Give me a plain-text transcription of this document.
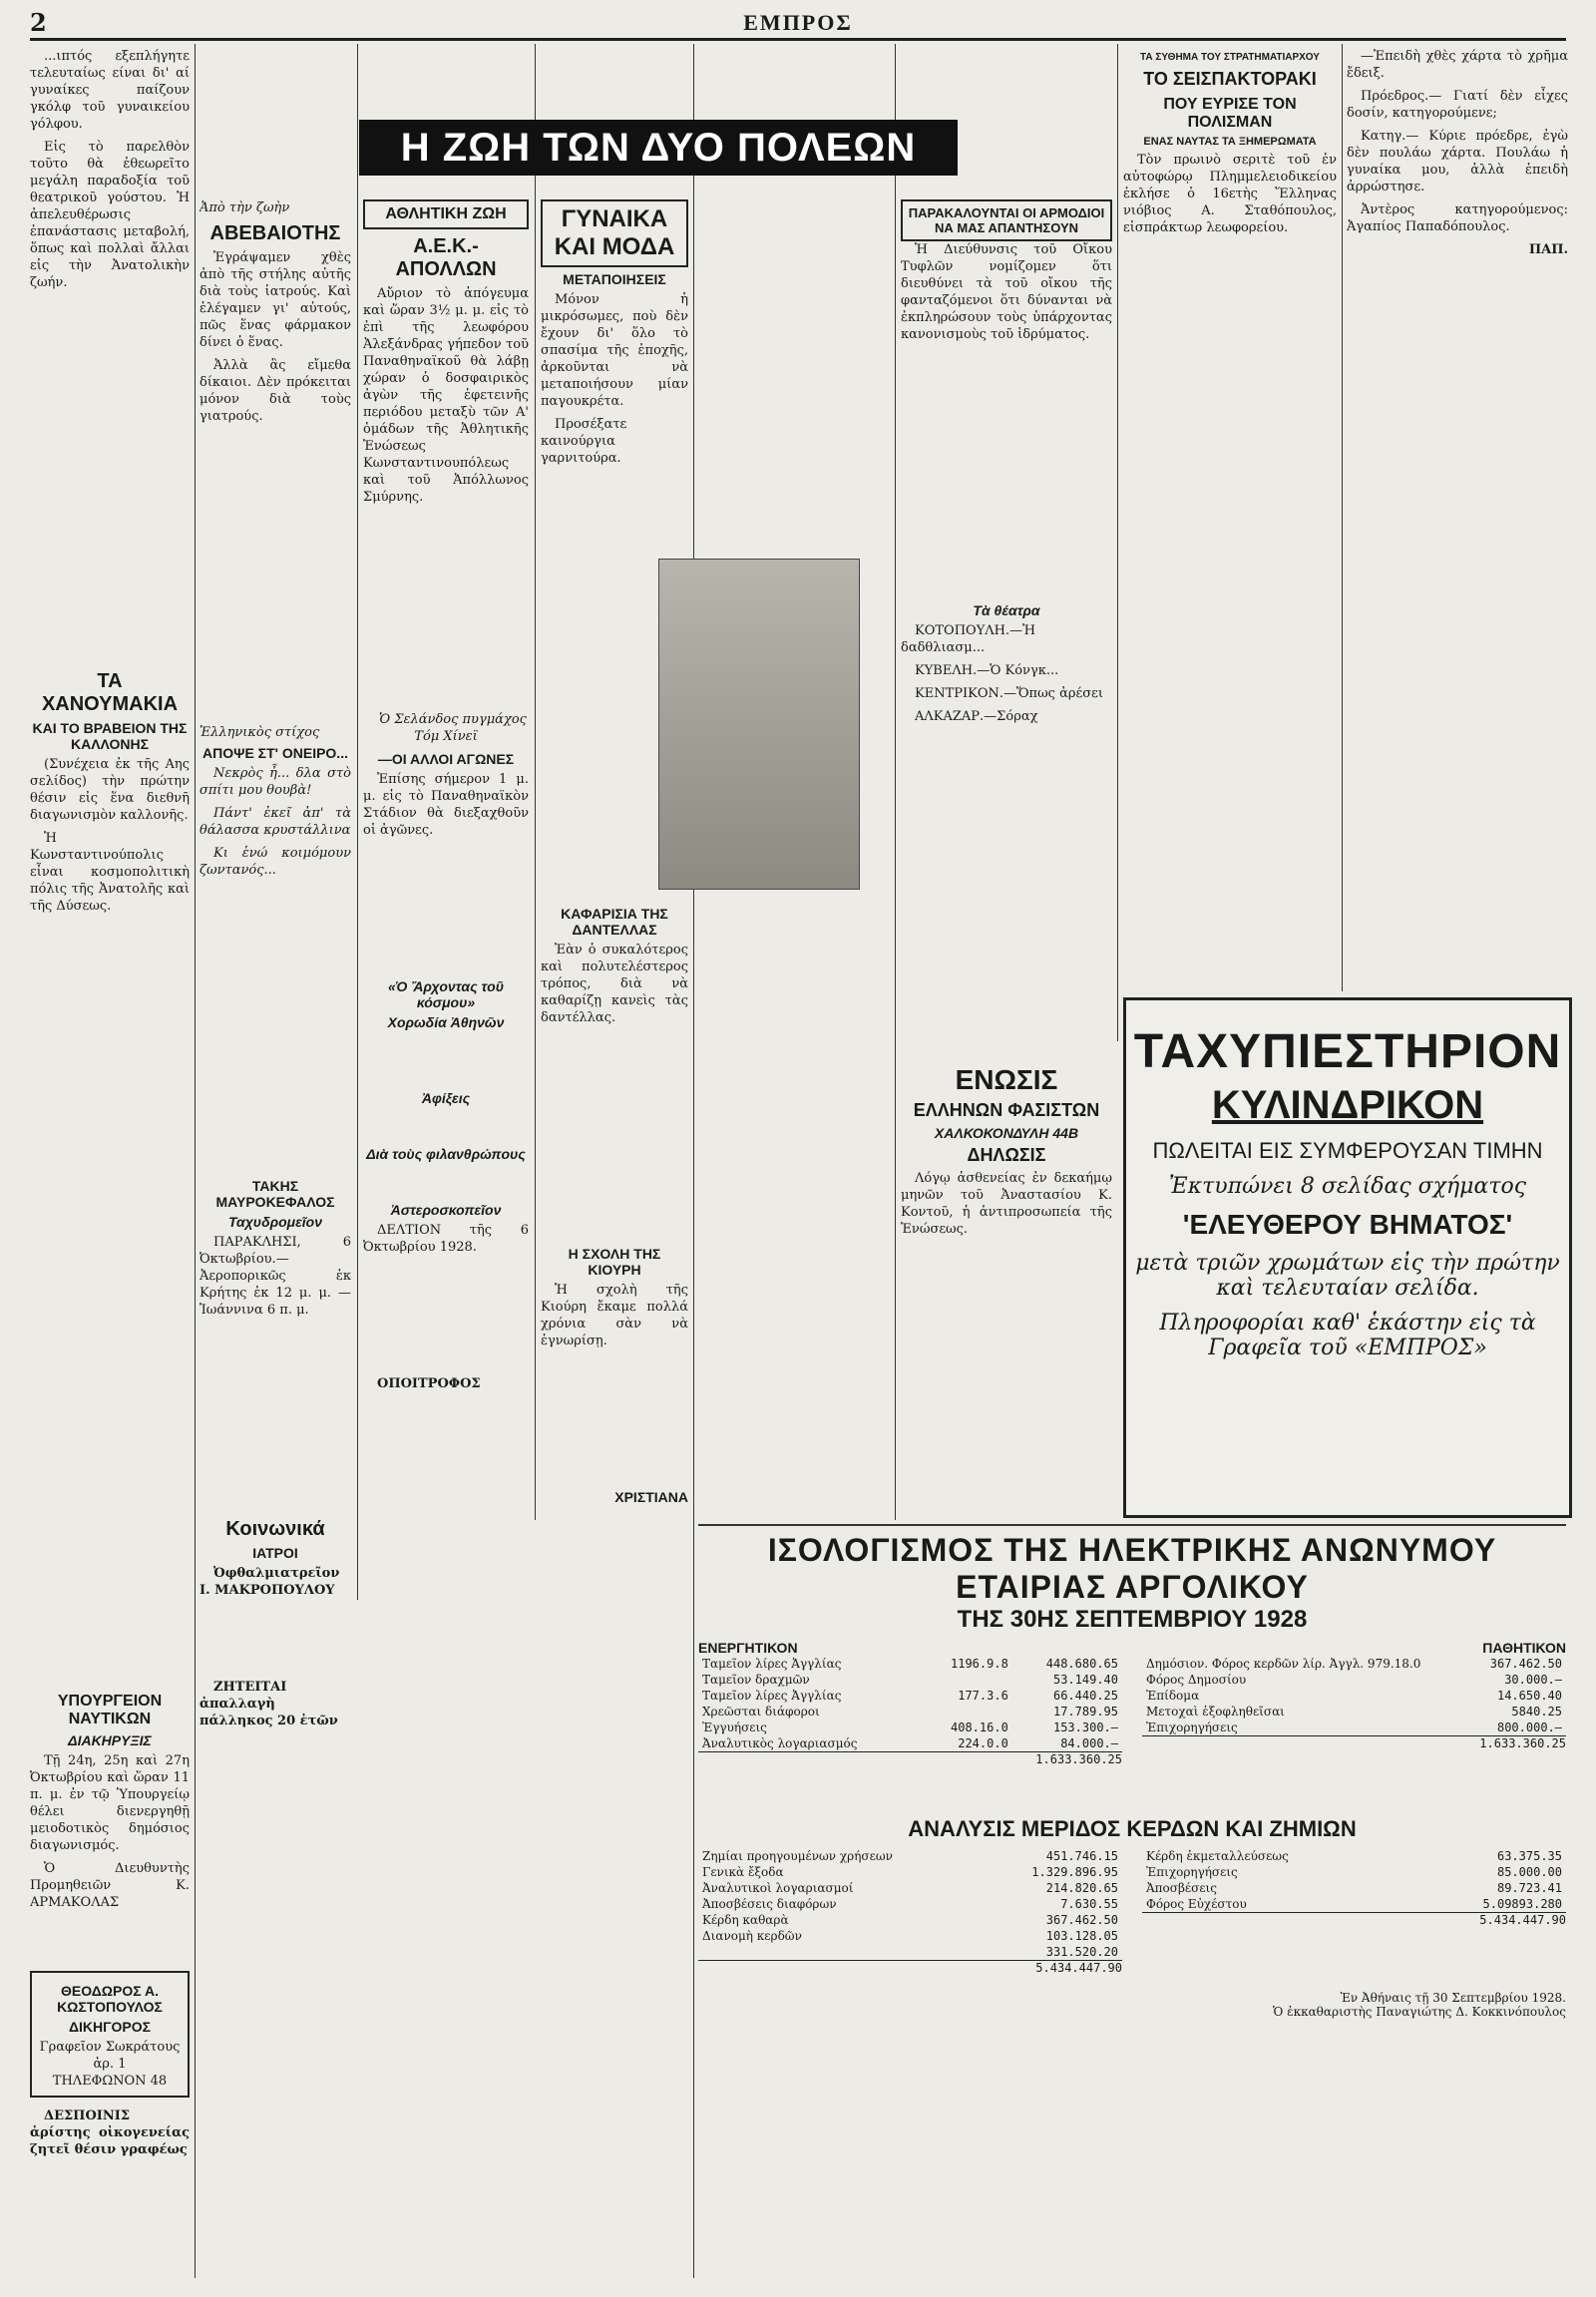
2	ΕΜΠΡΟΣ
Η ΖΩΗ ΤΩΝ ΔΥΟ ΠΟΛΕΩΝ

...ιπτός εξεπλήγητε τελευταίως είναι δι' αί γυναίκες παίζουν γκόλφ τοῦ γυναικείου γόλφου.

Εἰς τὸ παρελθὸν τοῦτο θὰ ἐθεωρεῖτο μεγάλη παραδοξία τοῦ θεατρικοῦ γούστου. Ἡ ἀπελευθέρωσις ἐπανάστασις μεταβολή, ὅπως καὶ πολλαὶ ἄλλαι εἰς τὴν Ἀνατολικὴν ζωήν.

ΤΑ ΧΑΝΟΥΜΑΚΙΑ
ΚΑΙ ΤΟ ΒΡΑΒΕΙΟΝ ΤΗΣ ΚΑΛΛΟΝΗΣ

(Συνέχεια ἐκ τῆς Αης σελίδος) τὴν πρώτην θέσιν εἰς ἕνα διεθνῆ διαγωνισμὸν καλλονῆς.

Ἡ Κωνσταντινούπολις εἶναι κοσμοπολιτικὴ πόλις τῆς Ἀνατολῆς καὶ τῆς Δύσεως.

ΥΠΟΥΡΓΕΙΟΝ ΝΑΥΤΙΚΩΝ
ΔΙΑΚΗΡΥΞΙΣ

Τῇ 24η, 25η καὶ 27η Ὀκτωβρίου καὶ ὥραν 11 π. μ. ἐν τῷ Ὑπουργείῳ θέλει διενεργηθῇ μειοδοτικὸς δημόσιος διαγωνισμός.

Ὁ Διευθυντὴς Προμηθειῶν Κ. ΑΡΜΑΚΟΛΑΣ

ΘΕΟΔΩΡΟΣ Α. ΚΩΣΤΟΠΟΥΛΟΣ
ΔΙΚΗΓΟΡΟΣ
Γραφεῖον Σωκράτους ἀρ. 1
ΤΗΛΕΦΩΝΟΝ 48

ΔΕΣΠΟΙΝΙΣ ἀρίστης οἰκογενείας ζητεῖ θέσιν γραφέως

Ἀπὸ τὴν ζωὴν
ΑΒΕΒΑΙΟΤΗΣ

Ἐγράψαμεν χθὲς ἀπὸ τῆς στήλης αὐτῆς διὰ τοὺς ἰατρούς. Καὶ ἐλέγαμεν γι' αὐτούς, πῶς ἕνας φάρμακον δίνει ὁ ἕνας.

Ἀλλὰ ἂς εἴμεθα δίκαιοι. Δὲν πρόκειται μόνον διὰ τοὺς γιατρούς.

Ἐλληνικὸς στίχος
ΑΠΟΨΕ ΣΤ' ΟΝΕΙΡΟ...

Νεκρὸς ἦ... δλα στὸ σπίτι μου θουβὰ!

Πάντ' ἐκεῖ ἀπ' τὰ θάλασσα κρυστάλλινα

Κι ἑνώ κοιμόμουν ζωντανός...

ΤΑΚΗΣ ΜΑΥΡΟΚΕΦΑΛΟΣ
Ταχυδρομεῖον

ΠΑΡΑΚΛΗΣΙ, 6 Ὀκτωβρίου.— Ἀεροπορικῶς ἐκ Κρήτης ἐκ 12 μ. μ. — Ἰωάννινα 6 π. μ.

Κοινωνικά
ΙΑΤΡΟΙ

Ὀφθαλμιατρεῖον Ι. ΜΑΚΡΟΠΟΥΛΟΥ

ΖΗΤΕΙΤΑΙ ἀπαλλαγὴ πάλληκος 20 ἐτῶν

ΑΘΛΗΤΙΚΗ ΖΩΗ
Α.Ε.Κ.-ΑΠΟΛΛΩΝ

Αὔριον τὸ ἀπόγευμα καὶ ὥραν 3½ μ. μ. εἰς τὸ ἐπὶ τῆς λεωφόρου Ἀλεξάνδρας γήπεδον τοῦ Παναθηναϊκοῦ θὰ λάβῃ χώραν ὁ δοσφαιρικὸς ἀγὼν τῆς ἐφετεινῆς περιόδου μεταξὺ τῶν Α' ὁμάδων τῆς Ἀθλητικῆς Ἑνώσεως Κωνσταντινουπόλεως καὶ τοῦ Ἀπόλλωνος Σμύρνης.

Ὁ Σελάνδος πυγμάχος Τόμ Χίνεϊ

—ΟΙ ΑΛΛΟΙ ΑΓΩΝΕΣ

Ἐπίσης σήμερον 1 μ. μ. εἰς τὸ Παναθηναϊκὸν Στάδιον θὰ διεξαχθοῦν οἱ ἀγῶνες.

«Ὁ Ἄρχοντας τοῦ κόσμου»
Χορωδία Ἀθηνῶν
Ἀφίξεις
Διὰ τοὺς φιλανθρώπους
Ἀστεροσκοπεῖον

ΔΕΛΤΙΟΝ τῆς 6 Ὀκτωβρίου 1928.

ΟΠΟΙΤΡΟΦΟΣ

ΓΥΝΑΙΚΑ
ΚΑΙ ΜΟΔΑ
ΜΕΤΑΠΟΙΗΣΕΙΣ

Μόνον ἡ μικρόσωμες, ποὺ δὲν ἔχουν δι' ὅλο τὸ σπασίμα τῆς ἐποχῆς, ἀρκοῦνται νὰ μεταποιήσουν μίαν παγουκρέτα.

Προσέξατε καινούργια γαρνιτούρα.

ΚΑΦΑΡΙΣΙΑ ΤΗΣ ΔΑΝΤΕΛΛΑΣ

Ἐὰν ὁ συκαλότερος καὶ πολυτελέστερος τρόπος, διὰ νὰ καθαρίζῃ κανεὶς τὰς δαντέλλας.

Η ΣΧΟΛΗ ΤΗΣ ΚΙΟΥΡΗ

Ἡ σχολὴ τῆς Κιούρη ἔκαμε πολλά χρόνια σὰν νὰ ἐγνωρίσῃ.

ΧΡΙΣΤΙΑΝΑ
ΠΑΡΑΚΑΛΟΥΝΤΑΙ ΟΙ ΑΡΜΟΔΙΟΙ ΝΑ ΜΑΣ ΑΠΑΝΤΗΣΟΥΝ

Ἡ Διεύθυνσις τοῦ Οἴκου Τυφλῶν νομίζομεν ὅτι διευθύνει τὰ τοῦ οἴκου τῆς φανταζόμενοι ὅτι δύνανται νὰ ἐκπληρώσουν τοὺς ὑπάρχοντας κανονισμοὺς τοῦ ἱδρύματος.

Τὰ θέατρα

ΚΟΤΟΠΟΥΛΗ.—Ἡ δαδθλιασμ...

ΚΥΒΕΛΗ.—Ὁ Κόνγκ...

ΚΕΝΤΡΙΚΟΝ.—Ὅπως ἀρέσει

ΑΛΚΑΖΑΡ.—Σόραχ

ΕΝΩΣΙΣ
ΕΛΛΗΝΩΝ ΦΑΣΙΣΤΩΝ
ΧΑΛΚΟΚΟΝΔΥΛΗ 44Β
ΔΗΛΩΣΙΣ

Λόγῳ ἀσθενείας ἐν δεκαήμῳ μηνῶν τοῦ Ἀναστασίου Κ. Κοντοῦ, ἡ ἀντιπροσωπεία τῆς Ἑνώσεως.

ΤΑ ΣΥΘΗΜΑ ΤΟΥ ΣΤΡΑΤΗΜΑΤΙΑΡΧΟΥ
ΤΟ ΣΕΙΣΠΑΚΤΟΡΑΚΙ
ΠΟΥ ΕΥΡΙΣΕ ΤΟΝ ΠΟΛΙΣΜΑΝ
ΕΝΑΣ ΝΑΥΤΑΣ ΤΑ ΞΗΜΕΡΩΜΑΤΑ

Τὸν πρωινὸ σεριτὲ τοῦ ἐν αὐτοφώρῳ Πλημμελειοδικείου ἐκλήσε ὁ 16ετὴς Ἕλληνας νιόβιος Α. Σταθόπουλος, εἰσπράκτωρ λεωφορείου.

—Ἐπειδὴ χθὲς χάρτα τὸ χρῆμα ἔδειξ.

Πρόεδρος.— Γιατί δὲν εἶχες δοσίν, κατηγορούμενε;

Κατηγ.— Κύριε πρόεδρε, ἐγὼ δὲν πουλάω χάρτα. Πουλάω ἡ γυναίκα μου, ἀλλὰ ἐπειδὴ ἀρρώστησε.

Ἀντὲρος κατηγορούμενος: Ἀγαπίος Παπαδόπουλος.

ΠΑΠ.
ΤΑΧΥΠΙΕΣΤΗΡΙΟΝ
ΚΥΛΙΝΔΡΙΚΟΝ
ΠΩΛΕΙΤΑΙ ΕΙΣ ΣΥΜΦΕΡΟΥΣΑΝ ΤΙΜΗΝ
Ἐκτυπώνει 8 σελίδας σχήματος
'ΕΛΕΥΘΕΡΟΥ ΒΗΜΑΤΟΣ'
μετὰ τριῶν χρωμάτων εἰς τὴν πρώτην καὶ τελευταίαν σελίδα.
Πληροφορίαι καθ' ἑκάστην εἰς τὰ Γραφεῖα τοῦ «ΕΜΠΡΟΣ»
ΙΣΟΛΟΓΙΣΜΟΣ ΤΗΣ ΗΛΕΚΤΡΙΚΗΣ ΑΝΩΝΥΜΟΥ ΕΤΑΙΡΙΑΣ ΑΡΓΟΛΙΚΟΥ
ΤΗΣ 30ΗΣ ΣΕΠΤΕΜΒΡΙΟΥ 1928
ΕΝΕΡΓΗΤΙΚΟΝ
Ταμεῖον λίρες Ἀγγλίας	1196.9.8	448.680.65
Ταμεῖον δραχμῶν		53.149.40
Ταμεῖον λίρες Ἀγγλίας	177.3.6	66.440.25
Χρεῶσται διάφοροι		17.789.95
Ἐγγυήσεις	408.16.0	153.300.—
Ἀναλυτικὸς λογαριασμός	224.0.0	84.000.—
1.633.360.25
ΠΑΘΗΤΙΚΟΝ
Δημόσιον. Φόρος κερδῶν λίρ. Ἀγγλ. 979.18.0	367.462.50
Φόρος Δημοσίου	30.000.—
Ἐπίδομα	14.650.40
Μετοχαὶ ἐξοφληθεῖσαι	5840.25
Ἐπιχορηγήσεις	800.000.—
1.633.360.25
ΑΝΑΛΥΣΙΣ ΜΕΡΙΔΟΣ ΚΕΡΔΩΝ ΚΑΙ ΖΗΜΙΩΝ
Ζημίαι προηγουμένων χρήσεων	451.746.15
Γενικὰ ἔξοδα	1.329.896.95
Ἀναλυτικοὶ λογαριασμοί	214.820.65
Ἀποσβέσεις διαφόρων	7.630.55
Κέρδη καθαρὰ	367.462.50
Διανομὴ κερδῶν	103.128.05
	331.520.20
5.434.447.90
Κέρδη ἐκμεταλλεύσεως	63.375.35
Ἐπιχορηγήσεις	85.000.00
Ἀποσβέσεις	89.723.41
Φόρος Εὐχέστου	5.09893.280
5.434.447.90
Ἐν Ἀθήναις τῇ 30 Σεπτεμβρίου 1928.
Ὁ ἐκκαθαριστὴς Παναγιώτης Δ. Κοκκινόπουλος
